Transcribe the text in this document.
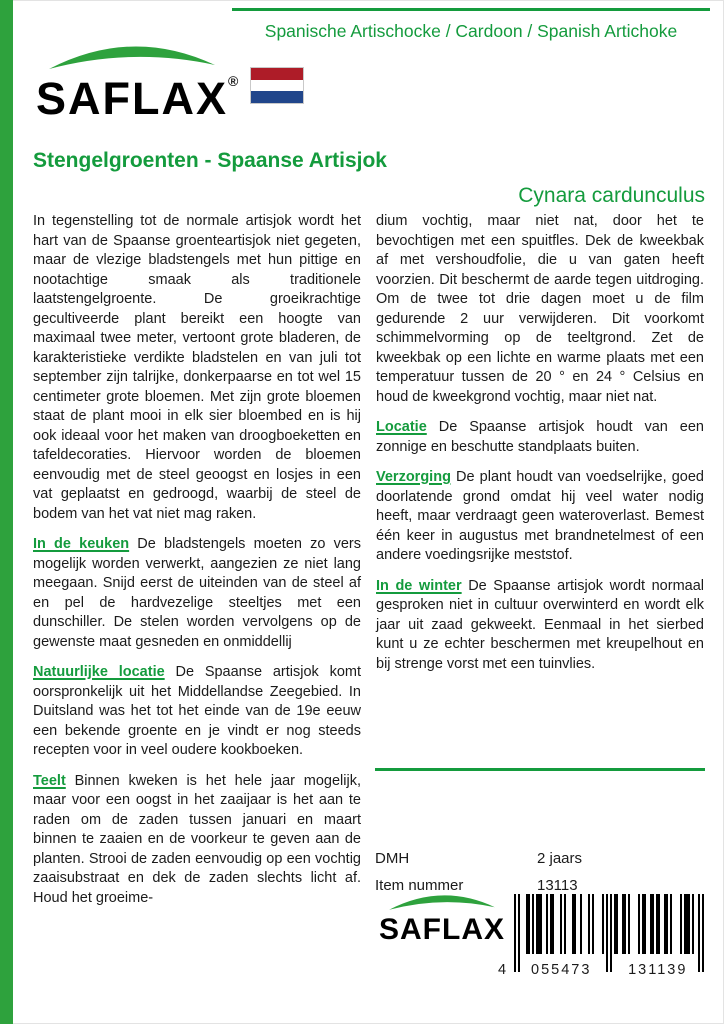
Spanische Artischocke / Cardoon / Spanish Artichoke
SAFLAX®
Stengelgroenten - Spaanse Artisjok
Cynara cardunculus

In tegenstelling tot de normale artisjok wordt het hart van de Spaanse groenteartisjok niet gegeten, maar de vlezige bladstengels met hun pittige en nootachtige smaak als traditionele laatstengelgroente. De groeikrachtige gecultiveerde plant bereikt een hoogte van maximaal twee meter, vertoont grote bladeren, de karakteristieke verdikte bladstelen en van juli tot september zijn talrijke, donkerpaarse en tot wel 15 centimeter grote bloemen. Met zijn grote bloemen staat de plant mooi in elk sier bloembed en is hij ook ideaal voor het maken van droogboeketten en tafeldecoraties. Hiervoor worden de bloemen eenvoudig met de steel geoogst en losjes in een vat geplaatst en gedroogd, waarbij de steel de bodem van het vat niet mag raken.

In de keuken De bladstengels moeten zo vers mogelijk worden verwerkt, aangezien ze niet lang meegaan. Snijd eerst de uiteinden van de steel af en pel de hardvezelige steeltjes met een dunschiller. De stelen worden vervolgens op de gewenste maat gesneden en onmiddellij

Natuurlijke locatie De Spaanse artisjok komt oorspronkelijk uit het Middellandse Zeegebied. In Duitsland was het tot het einde van de 19e eeuw een bekende groente en je vindt er nog steeds recepten voor in veel oudere kookboeken.

Teelt Binnen kweken is het hele jaar mogelijk, maar voor een oogst in het zaaijaar is het aan te raden om de zaden tussen januari en maart binnen te zaaien en de voorkeur te geven aan de planten. Strooi de zaden eenvoudig op een vochtig zaaisubstraat en dek de zaden slechts licht af. Houd het groeime-

dium vochtig, maar niet nat, door het te bevochtigen met een spuitfles. Dek de kweekbak af met vershoudfolie, die u van gaten heeft voorzien. Dit beschermt de aarde tegen uitdroging. Om de twee tot drie dagen moet u de film gedurende 2 uur verwijderen. Dit voorkomt schimmelvorming op de teeltgrond. Zet de kweekbak op een lichte en warme plaats met een temperatuur tussen de 20 ° en 24 ° Celsius en houd de kweekgrond vochtig, maar niet nat.

Locatie De Spaanse artisjok houdt van een zonnige en beschutte standplaats buiten.

Verzorging De plant houdt van voedselrijke, goed doorlatende grond omdat hij veel water nodig heeft, maar verdraagt geen wateroverlast. Bemest één keer in augustus met brandnetelmest of een andere voedingsrijke meststof.

In de winter De Spaanse artisjok wordt normaal gesproken niet in cultuur overwinterd en wordt elk jaar uit zaad gekweekt. Eenmaal in het sierbed kunt u ze echter beschermen met kreupelhout en bij strenge vorst met een tuinvlies.

DMH	2 jaars
Item nummer	13113
SAFLAX
4	055473	131139
